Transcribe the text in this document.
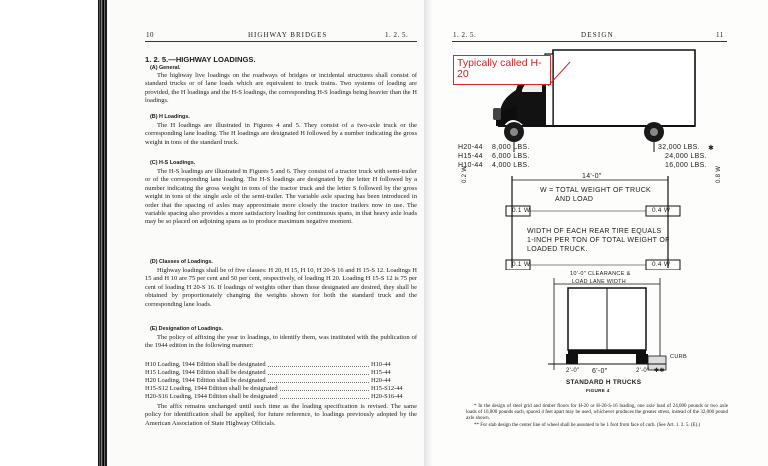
10	HIGHWAY BRIDGES	1. 2. 5.
1. 2. 5.—HIGHWAY LOADINGS.
(A) General.
The highway live loadings on the roadways of bridges or incidental structures shall consist of standard trucks or of lane loads which are equivalent to truck trains. Two systems of loading are provided, the H loadings and the H-S loadings, the corresponding H-S loadings being heavier than the H loadings.
(B) H Loadings.
The H loadings are illustrated in Figures 4 and 5. They consist of a two-axle truck or the corresponding lane loading. The H loadings are designated H followed by a number indicating the gross weight in tons of the standard truck.
(C) H-S Loadings.
The H-S loadings are illustrated in Figures 5 and 6. They consist of a tractor truck with semi-trailer or of the corresponding lane loading. The H-S loadings are designated by the letter H followed by a number indicating the gross weight in tons of the tractor truck and the letter S followed by the gross weight in tons of the single axle of the semi-trailer. The variable axle spacing has been introduced in order that the spacing of axles may approximate more closely the tractor trailers now in use. The variable spacing also provides a more satisfactory loading for continuous spans, in that heavy axle loads may be so placed on adjoining spans as to produce maximum negative moment.
(D) Classes of Loadings.
Highway loadings shall be of five classes: H 20, H 15, H 10, H 20-S 16 and H 15-S 12. Loadings H 15 and H 10 are 75 per cent and 50 per cent, respectively, of loading H 20. Loading H 15-S 12 is 75 per cent of loading H 20-S 16. If loadings of weights other than those designated are desired, they shall be obtained by proportionately changing the weights shown for both the standard truck and the corresponding lane loads.
(E) Designation of Loadings.
The policy of affixing the year to loadings, to identify them, was instituted with the publication of the 1944 edition in the following manner:
H10 Loading, 1944 Edition shall be designated	H10-44
H15 Loading, 1944 Edition shall be designated	H15-44
H20 Loading, 1944 Edition shall be designated	H20-44
H15-S12 Loading, 1944 Edition shall be designated	H15-S12-44
H20-S16 Loading, 1944 Edition shall be designated	H20-S16-44
The affix remains unchanged until such time as the loading specification is revised. The same policy for identification shall be applied, for future reference, to loadings previously adopted by the American Association of State Highway Officials.
1. 2. 5.	DESIGN	11
Typically called H-20
H20-44 8,000 LBS.	32,000 LBS. ✱
H15-44 6,000 LBS.	24,000 LBS.
H10-44 4,000 LBS.	16,000 LBS.
14'-0"
0.2 W	0.8 W
W = TOTAL WEIGHT OF TRUCK
AND LOAD
0.1 W	0.4 W
WIDTH OF EACH REAR TIRE EQUALS
1-INCH PER TON OF TOTAL WEIGHT OF
LOADED TRUCK.
0.1 W	0.4 W
10'-0" CLEARANCE &
LOAD LANE WIDTH
CURB
2'-0" 6'-0"	2'-0" ✱✱
STANDARD H TRUCKS
FIGURE 4
* In the design of steel grid and timber floors for H-20 or H-20-S-16 loading, one axle load of 24,000 pounds or two axle loads of 16,000 pounds each, spaced 4 feet apart may be used, whichever produces the greater stress, instead of the 32,000 pound axle shown.
** For slab design the center line of wheel shall be assumed to be 1 foot from face of curb. (See Art. 1. 2. 5. (E).)
